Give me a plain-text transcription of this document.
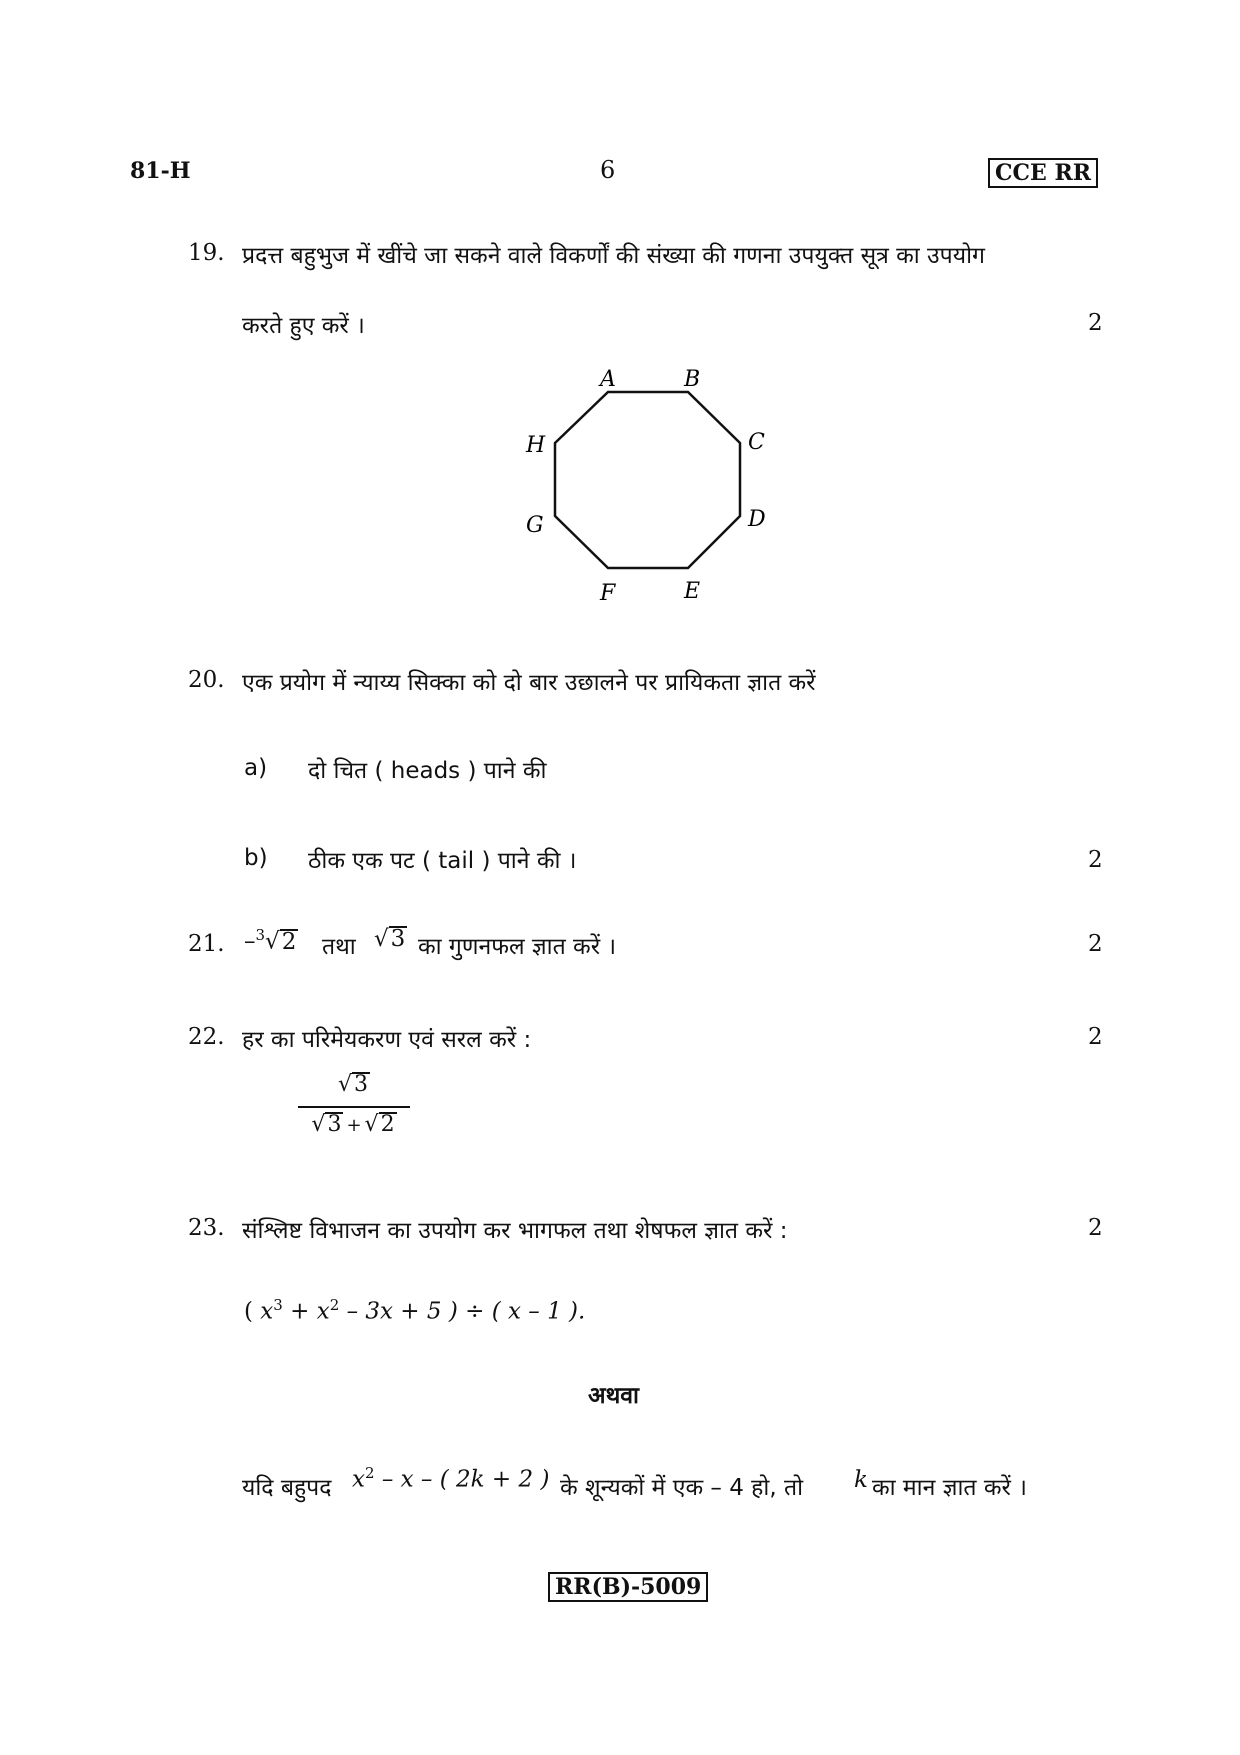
81-H	6	CCE RR
19. प्रदत्त बहुभुज में खींचे जा सकने वाले विकर्णों की संख्या की गणना उपयुक्त सूत्र का उपयोग
करते हुए करें ।	2
A	B
C
D
E
F
G
H
20. एक प्रयोग में न्याय्य सिक्का को दो बार उछालने पर प्रायिकता ज्ञात करें
a) दो चित ( heads ) पाने की
b) ठीक एक पट ( tail ) पाने की ।	2
21. –$^3$√2 तथा √3 का गुणनफल ज्ञात करें ।	2
22. हर का परिमेयकरण एवं सरल करें :	2
√3
√3 + √2
23. संश्लिष्ट विभाजन का उपयोग कर भागफल तथा शेषफल ज्ञात करें :	2
( $x^3 + x^2 - 3x + 5$ ) ÷ ( x – 1 ).
अथवा
यदि बहुपद $x^2$ – x – ( 2k + 2 ) के शून्यकों में एक – 4 हो, तो k का मान ज्ञात करें ।
RR(B)-5009
